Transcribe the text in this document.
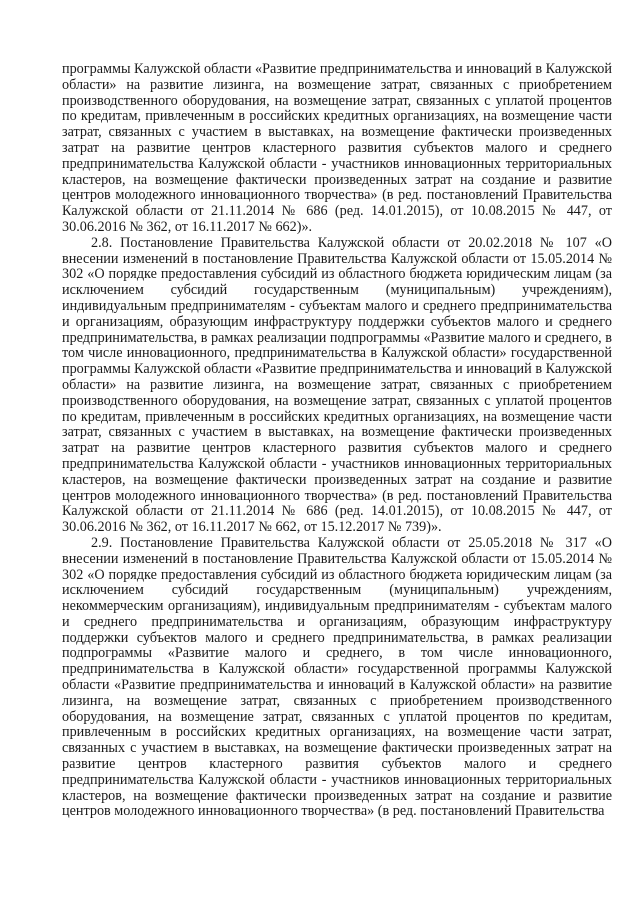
программы Калужской области «Развитие предпринимательства и инноваций в Калужской области» на развитие лизинга, на возмещение затрат, связанных с приобретением производственного оборудования, на возмещение затрат, связанных с уплатой процентов по кредитам, привлеченным в российских кредитных организациях, на возмещение части затрат, связанных с участием в выставках, на возмещение фактически произведенных затрат на развитие центров кластерного развития субъектов малого и среднего предпринимательства Калужской области - участников инновационных территориальных кластеров, на возмещение фактически произведенных затрат на создание и развитие центров молодежного инновационного творчества» (в ред. постановлений Правительства Калужской области от 21.11.2014 № 686 (ред. 14.01.2015), от 10.08.2015 № 447, от 30.06.2016 № 362, от 16.11.2017 № 662)».

2.8. Постановление Правительства Калужской области от 20.02.2018 № 107 «О внесении изменений в постановление Правительства Калужской области от 15.05.2014 № 302 «О порядке предоставления субсидий из областного бюджета юридическим лицам (за исключением субсидий государственным (муниципальным) учреждениям), индивидуальным предпринимателям - субъектам малого и среднего предпринимательства и организациям, образующим инфраструктуру поддержки субъектов малого и среднего предпринимательства, в рамках реализации подпрограммы «Развитие малого и среднего, в том числе инновационного, предпринимательства в Калужской области» государственной программы Калужской области «Развитие предпринимательства и инноваций в Калужской области» на развитие лизинга, на возмещение затрат, связанных с приобретением производственного оборудования, на возмещение затрат, связанных с уплатой процентов по кредитам, привлеченным в российских кредитных организациях, на возмещение части затрат, связанных с участием в выставках, на возмещение фактически произведенных затрат на развитие центров кластерного развития субъектов малого и среднего предпринимательства Калужской области - участников инновационных территориальных кластеров, на возмещение фактически произведенных затрат на создание и развитие центров молодежного инновационного творчества» (в ред. постановлений Правительства Калужской области от 21.11.2014 № 686 (ред. 14.01.2015), от 10.08.2015 № 447, от 30.06.2016 № 362, от 16.11.2017 № 662, от 15.12.2017 № 739)».

2.9. Постановление Правительства Калужской области от 25.05.2018 № 317 «О внесении изменений в постановление Правительства Калужской области от 15.05.2014 № 302 «О порядке предоставления субсидий из областного бюджета юридическим лицам (за исключением субсидий государственным (муниципальным) учреждениям, некоммерческим организациям), индивидуальным предпринимателям - субъектам малого и среднего предпринимательства и организациям, образующим инфраструктуру поддержки субъектов малого и среднего предпринимательства, в рамках реализации подпрограммы «Развитие малого и среднего, в том числе инновационного, предпринимательства в Калужской области» государственной программы Калужской области «Развитие предпринимательства и инноваций в Калужской области» на развитие лизинга, на возмещение затрат, связанных с приобретением производственного оборудования, на возмещение затрат, связанных с уплатой процентов по кредитам, привлеченным в российских кредитных организациях, на возмещение части затрат, связанных с участием в выставках, на возмещение фактически произведенных затрат на развитие центров кластерного развития субъектов малого и среднего предпринимательства Калужской области - участников инновационных территориальных кластеров, на возмещение фактически произведенных затрат на создание и развитие центров молодежного инновационного творчества» (в ред. постановлений Правительства
